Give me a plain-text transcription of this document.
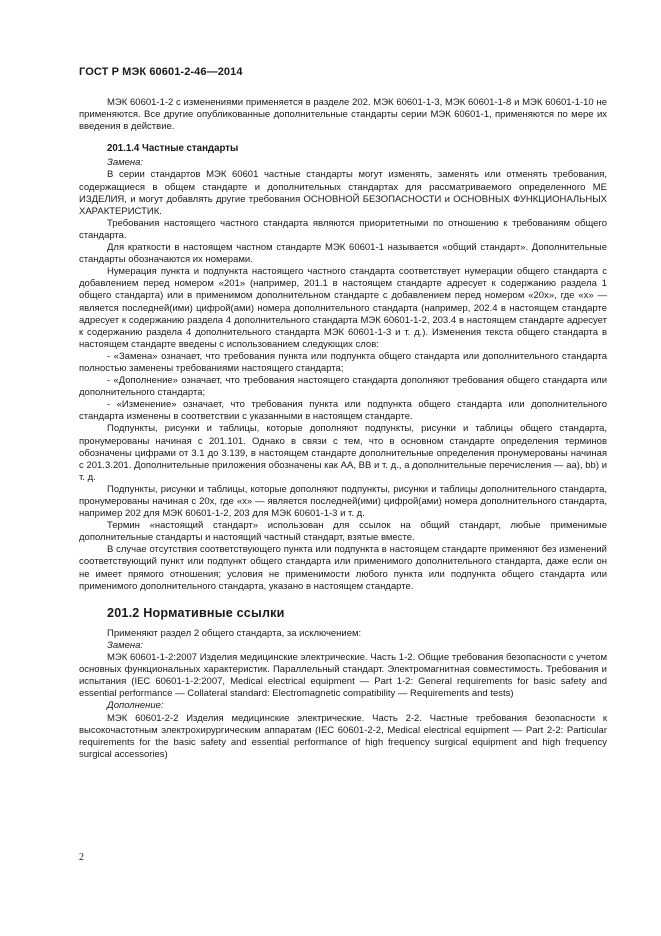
ГОСТ Р МЭК 60601-2-46—2014

МЭК 60601-1-2 с изменениями применяется в разделе 202. МЭК 60601-1-3, МЭК 60601-1-8 и МЭК 60601-1-10 не применяются. Все другие опубликованные дополнительные стандарты серии МЭК 60601-1, применяются по мере их введения в действие.

201.1.4 Частные стандарты

Замена:

В серии стандартов МЭК 60601 частные стандарты могут изменять, заменять или отменять требования, содержащиеся в общем стандарте и дополнительных стандартах для рассматриваемого определенного МЕ ИЗДЕЛИЯ, и могут добавлять другие требования ОСНОВНОЙ БЕЗОПАСНОСТИ и ОСНОВНЫХ ФУНКЦИОНАЛЬНЫХ ХАРАКТЕРИСТИК.

Требования настоящего частного стандарта являются приоритетными по отношению к требованиям общего стандарта.

Для краткости в настоящем частном стандарте МЭК 60601-1 называется «общий стандарт». Дополнительные стандарты обозначаются их номерами.

Нумерация пункта и подпункта настоящего частного стандарта соответствует нумерации общего стандарта с добавлением перед номером «201» (например, 201.1 в настоящем стандарте адресует к содержанию раздела 1 общего стандарта) или в применимом дополнительном стандарте с добавлением перед номером «20x», где «x» — является последней(ими) цифрой(ами) номера дополнительного стандарта (например, 202.4 в настоящем стандарте адресует к содержанию раздела 4 дополнительного стандарта МЭК 60601-1-2, 203.4 в настоящем стандарте адресует к содержанию раздела 4 дополнительного стандарта МЭК 60601-1-3 и т. д.). Изменения текста общего стандарта в настоящем стандарте введены с использованием следующих слов:

- «Замена» означает, что требования пункта или подпункта общего стандарта или дополнительного стандарта полностью заменены требованиями настоящего стандарта;

- «Дополнение» означает, что требования настоящего стандарта дополняют требования общего стандарта или дополнительного стандарта;

- «Изменение» означает, что требования пункта или подпункта общего стандарта или дополнительного стандарта изменены в соответствии с указанными в настоящем стандарте.

Подпункты, рисунки и таблицы, которые дополняют подпункты, рисунки и таблицы общего стандарта, пронумерованы начиная с 201.101. Однако в связи с тем, что в основном стандарте определения терминов обозначены цифрами от 3.1 до 3.139, в настоящем стандарте дополнительные определения пронумерованы начиная с 201.3.201. Дополнительные приложения обозначены как АА, ВВ и т. д., а дополнительные перечисления — аа), bb) и т. д.

Подпункты, рисунки и таблицы, которые дополняют подпункты, рисунки и таблицы дополнительного стандарта, пронумерованы начиная с 20x, где «x» — является последней(ими) цифрой(ами) номера дополнительного стандарта, например 202 для МЭК 60601-1-2, 203 для МЭК 60601-1-3 и т. д.

Термин «настоящий стандарт» использован для ссылок на общий стандарт, любые применимые дополнительные стандарты и настоящий частный стандарт, взятые вместе.

В случае отсутствия соответствующего пункта или подпункта в настоящем стандарте применяют без изменений соответствующий пункт или подпункт общего стандарта или применимого дополнительного стандарта, даже если он не имеет прямого отношения; условия не применимости любого пункта или подпункта общего стандарта или применимого дополнительного стандарта, указано в настоящем стандарте.

201.2 Нормативные ссылки

Применяют раздел 2 общего стандарта, за исключением:

Замена:

МЭК 60601-1-2:2007 Изделия медицинские электрические. Часть 1-2. Общие требования безопасности с учетом основных функциональных характеристик. Параллельный стандарт. Электромагнитная совместимость. Требования и испытания (IEC 60601-1-2:2007, Medical electrical equipment — Part 1-2: General requirements for basic safety and essential performance — Collateral standard: Electromagnetic compatibility — Requirements and tests)

Дополнение:

МЭК 60601-2-2 Изделия медицинские электрические. Часть 2-2. Частные требования безопасности к высокочастотным электрохирургическим аппаратам (IEC 60601-2-2, Medical electrical equipment — Part 2-2: Particular requirements for the basic safety and essential performance of high frequency surgical equipment and high frequency surgical accessories)

2
